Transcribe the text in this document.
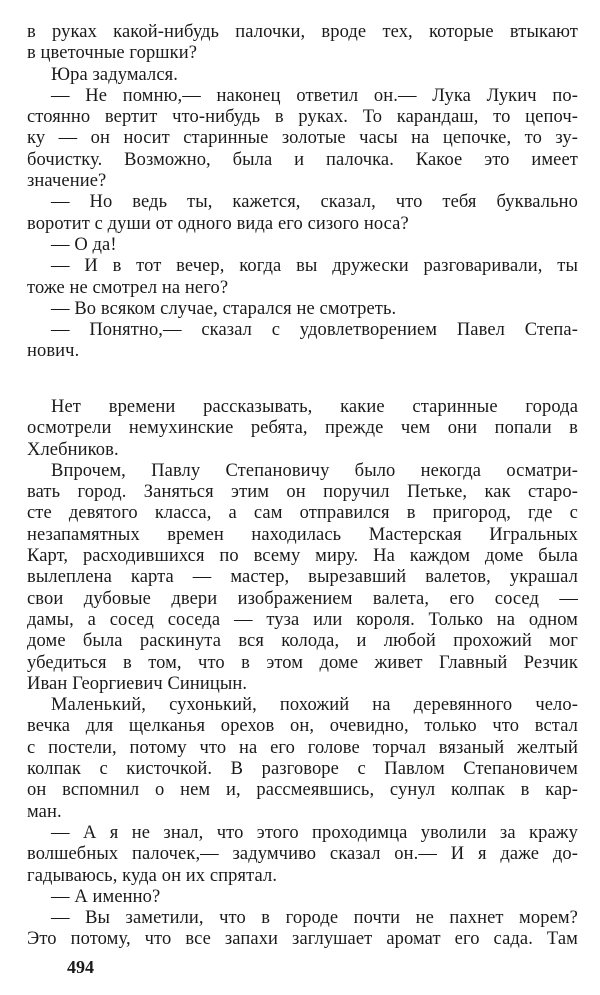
в руках какой-нибудь палочки, вроде тех, которые втыкают
в цветочные горшки?
Юра задумался.
— Не помню,— наконец ответил он.— Лука Лукич по-
стоянно вертит что-нибудь в руках. То карандаш, то цепоч-
ку — он носит старинные золотые часы на цепочке, то зу-
бочистку. Возможно, была и палочка. Какое это имеет
значение?
— Но ведь ты, кажется, сказал, что тебя буквально
воротит с души от одного вида его сизого носа?
— О да!
— И в тот вечер, когда вы дружески разговаривали, ты
тоже не смотрел на него?
— Во всяком случае, старался не смотреть.
— Понятно,— сказал с удовлетворением Павел Степа-
нович.
Нет времени рассказывать, какие старинные города
осмотрели немухинские ребята, прежде чем они попали в
Хлебников.
Впрочем, Павлу Степановичу было некогда осматри-
вать город. Заняться этим он поручил Петьке, как старо-
сте девятого класса, а сам отправился в пригород, где с
незапамятных времен находилась Мастерская Игральных
Карт, расходившихся по всему миру. На каждом доме была
вылеплена карта — мастер, вырезавший валетов, украшал
свои дубовые двери изображением валета, его сосед —
дамы, а сосед соседа — туза или короля. Только на одном
доме была раскинута вся колода, и любой прохожий мог
убедиться в том, что в этом доме живет Главный Резчик
Иван Георгиевич Синицын.
Маленький, сухонький, похожий на деревянного чело-
вечка для щелканья орехов он, очевидно, только что встал
с постели, потому что на его голове торчал вязаный желтый
колпак с кисточкой. В разговоре с Павлом Степановичем
он вспомнил о нем и, рассмеявшись, сунул колпак в кар-
ман.
— А я не знал, что этого проходимца уволили за кражу
волшебных палочек,— задумчиво сказал он.— И я даже до-
гадываюсь, куда он их спрятал.
— А именно?
— Вы заметили, что в городе почти не пахнет морем?
Это потому, что все запахи заглушает аромат его сада. Там
494
